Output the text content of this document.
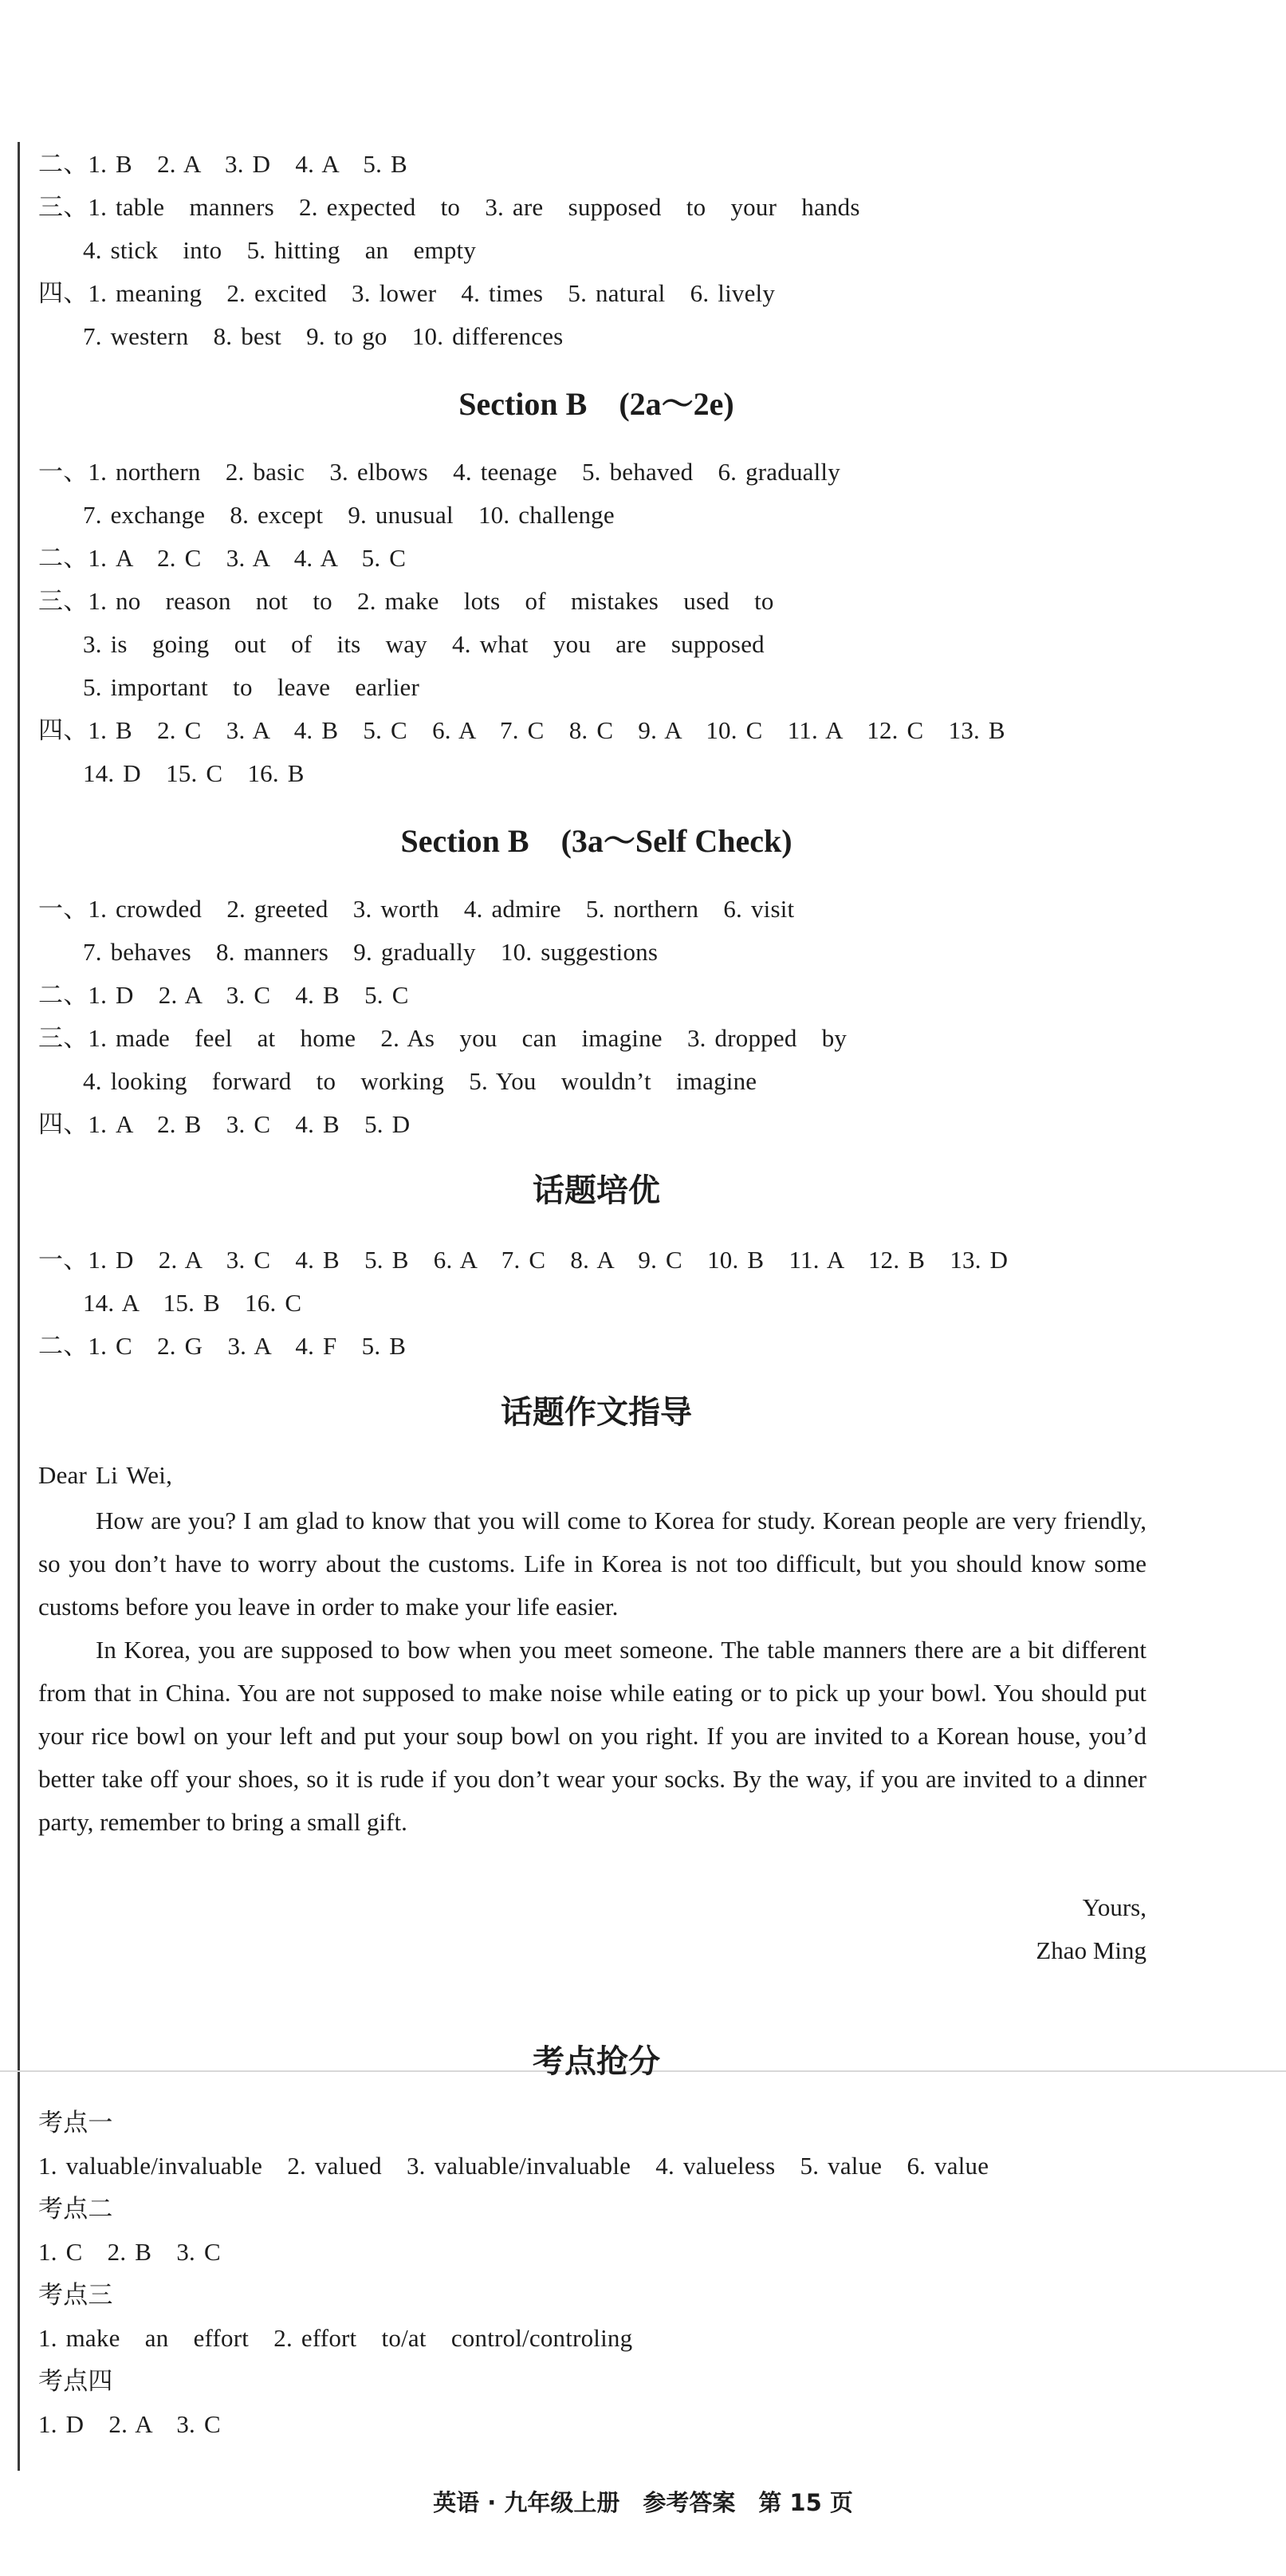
二、1. B　2. A　3. D　4. A　5. B
三、1. table　manners　2. expected　to　3. are　supposed　to　your　hands
4. stick　into　5. hitting　an　empty
四、1. meaning　2. excited　3. lower　4. times　5. natural　6. lively
7. western　8. best　9. to go　10. differences
Section B　(2a～2e)
一、1. northern　2. basic　3. elbows　4. teenage　5. behaved　6. gradually
7. exchange　8. except　9. unusual　10. challenge
二、1. A　2. C　3. A　4. A　5. C
三、1. no　reason　not　to　2. make　lots　of　mistakes　used　to
3. is　going　out　of　its　way　4. what　you　are　supposed
5. important　to　leave　earlier
四、1. B　2. C　3. A　4. B　5. C　6. A　7. C　8. C　9. A　10. C　11. A　12. C　13. B
14. D　15. C　16. B
Section B　(3a～Self Check)
一、1. crowded　2. greeted　3. worth　4. admire　5. northern　6. visit
7. behaves　8. manners　9. gradually　10. suggestions
二、1. D　2. A　3. C　4. B　5. C
三、1. made　feel　at　home　2. As　you　can　imagine　3. dropped　by
4. looking　forward　to　working　5. You　wouldn’t　imagine
四、1. A　2. B　3. C　4. B　5. D
话题培优
一、1. D　2. A　3. C　4. B　5. B　6. A　7. C　8. A　9. C　10. B　11. A　12. B　13. D
14. A　15. B　16. C
二、1. C　2. G　3. A　4. F　5. B
话题作文指导
Dear Li Wei,
How are you? I am glad to know that you will come to Korea for study. Korean people are very friendly, so you don’t have to worry about the customs. Life in Korea is not too difficult, but you should know some customs before you leave in order to make your life easier.
In Korea, you are supposed to bow when you meet someone. The table manners there are a bit different from that in China. You are not supposed to make noise while eating or to pick up your bowl. You should put your rice bowl on your left and put your soup bowl on you right. If you are invited to a Korean house, you’d better take off your shoes, so it is rude if you don’t wear your socks. By the way, if you are invited to a dinner party, remember to bring a small gift.
Yours,
Zhao Ming
考点抢分
考点一
1. valuable/invaluable　2. valued　3. valuable/invaluable　4. valueless　5. value　6. value
考点二
1. C　2. B　3. C
考点三
1. make　an　effort　2. effort　to/at　control/controling
考点四
1. D　2. A　3. C
英语 · 九年级上册　参考答案　第 15 页
